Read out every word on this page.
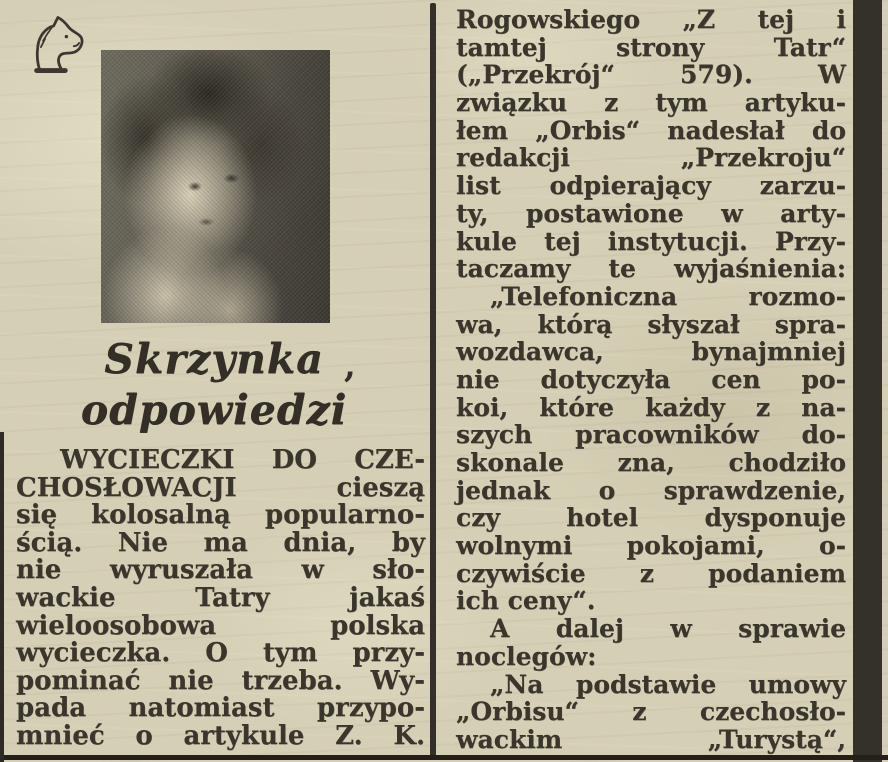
Skrzynka
odpowiedzi
,
WYCIECZKI DO CZE-
CHOSŁOWACJI cieszą
się kolosalną popularno-
ścią. Nie ma dnia, by
nie wyruszała w sło-
wackie Tatry jakaś
wieloosobowa polska
wycieczka. O tym przy-
pominać nie trzeba. Wy-
pada natomiast przypo-
mnieć o artykule Z. K.
Rogowskiego „Z tej i
tamtej strony Tatr“
(„Przekrój“ 579). W
związku z tym artyku-
łem „Orbis“ nadesłał do
redakcji „Przekroju“
list odpierający zarzu-
ty, postawione w arty-
kule tej instytucji. Przy-
taczamy te wyjaśnienia:
„Telefoniczna rozmo-
wa, którą słyszał spra-
wozdawca, bynajmniej
nie dotyczyła cen po-
koi, które każdy z na-
szych pracowników do-
skonale zna, chodziło
jednak o sprawdzenie,
czy hotel dysponuje
wolnymi pokojami, o-
czywiście z podaniem
ich ceny“.
A dalej w sprawie
noclegów:
„Na podstawie umowy
„Orbisu“ z czechosło-
wackim „Turystą“,
